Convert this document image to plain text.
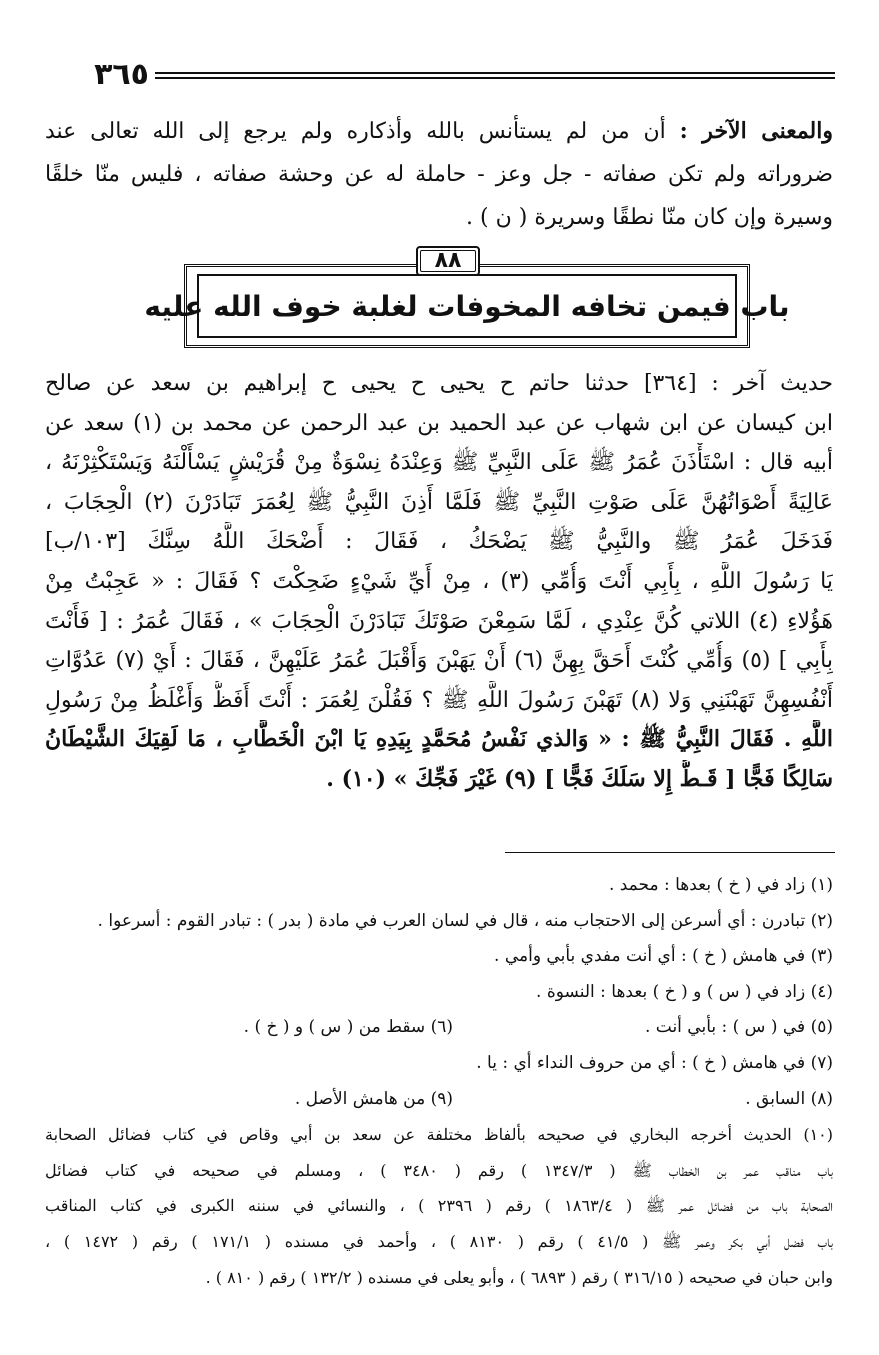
٣٦٥
والمعنى الآخر : أن من لم يستأنس بالله وأذكاره ولم يرجع إلى الله تعالى عند
ضروراته ولم تكن صفاته - جل وعز - حاملة له عن وحشة صفاته ، فليس منّا خلقًا
وسيرة وإن كان منّا نطقًا وسريرة ( ن ) .
باب فيمن تخافه المخوفات لغلبة خوف الله عليه
٨٨
حديث آخر : [٣٦٤] حدثنا حاتم ح يحيى ح يحيى ح إبراهيم بن سعد عن صالح
ابن كيسان عن ابن شهاب عن عبد الحميد بن عبد الرحمن عن محمد بن (١) سعد عن
أبيه قال : اسْتَأْذَنَ عُمَرُ ﷺ عَلَى النَّبِيِّ ﷺ وَعِنْدَهُ نِسْوَةٌ مِنْ قُرَيْشٍ يَسْأَلْنَهُ وَيَسْتَكْثِرْنَهُ ،
عَالِيَةً أَصْوَاتُهُنَّ عَلَى صَوْتِ النَّبِيِّ ﷺ فَلَمَّا أَذِنَ النَّبِيُّ ﷺ لِعُمَرَ تَبَادَرْنَ (٢) الْحِجَابَ ،
فَدَخَلَ عُمَرُ ﷺ والنَّبِيُّ ﷺ يَضْحَكُ ، فَقَالَ : أَضْحَكَ اللَّهُ سِنَّكَ [١٠٣/ب]
يَا رَسُولَ اللَّهِ ، بِأَبِي أَنْتَ وَأُمِّي (٣) ، مِنْ أَيِّ شَيْءٍ ضَحِكْتَ ؟ فَقَالَ : « عَجِبْتُ مِنْ
هَؤُلاءِ (٤) اللاتي كُنَّ عِنْدِي ، لَمَّا سَمِعْنَ صَوْتَكَ تَبَادَرْنَ الْحِجَابَ » ، فَقَالَ عُمَرُ : [ فَأَنْتَ
بِأَبِي ] (٥) وَأُمِّي كُنْتَ أَحَقَّ بِهِنَّ (٦) أَنْ يَهَبْنَ وَأَقْبَلَ عُمَرُ عَلَيْهِنَّ ، فَقَالَ : أَيْ (٧) عَدُوَّاتِ
أَنْفُسِهِنَّ تَهَبْنَنِي وَلا (٨) تَهَبْنَ رَسُولَ اللَّهِ ﷺ ؟ فَقُلْنَ لِعُمَرَ : أَنْتَ أَفَظُّ وَأَغْلَظُ مِنْ رَسُولِ
اللَّهِ . فَقَالَ النَّبِيُّ ﷺ : « وَالذي نَفْسُ مُحَمَّدٍ بِيَدِهِ يَا ابْنَ الْخَطَّابِ ، مَا لَقِيَكَ الشَّيْطَانُ
سَالِكًا فَجًّا [ قَـطُّ إِلا سَلَكَ فَجًّا ] (٩) غَيْرَ فَجِّكَ » (١٠) .
(١) زاد في ( خ ) بعدها : محمد .
(٢) تبادرن : أي أسرعن إلى الاحتجاب منه ، قال في لسان العرب في مادة ( بدر ) : تبادر القوم : أسرعوا .
(٣) في هامش ( خ ) : أي أنت مفدي بأبي وأمي .
(٤) زاد في ( س ) و ( خ ) بعدها : النسوة .
(٥) في ( س ) : بأبي أنت .
(٦) سقط من ( س ) و ( خ ) .
(٧) في هامش ( خ ) : أي من حروف النداء أي : يا .
(٨) السابق .
(٩) من هامش الأصل .
(١٠) الحديث أخرجه البخاري في صحيحه بألفاظ مختلفة عن سعد بن أبي وقاص في كتاب فضائل الصحابة
باب مناقب عمر بن الخطاب ﷺ ( ١٣٤٧/٣ ) رقم ( ٣٤٨٠ ) ، ومسلم في صحيحه في كتاب فضائل
الصحابة باب من فضائل عمر ﷺ ( ١٨٦٣/٤ ) رقم ( ٢٣٩٦ ) ، والنسائي في سننه الكبرى في كتاب المناقب
باب فضل أبي بكر وعمر ﷺ ( ٤١/٥ ) رقم ( ٨١٣٠ ) ، وأحمد في مسنده ( ١٧١/١ ) رقم ( ١٤٧٢ ) ،
وابن حبان في صحيحه ( ٣١٦/١٥ ) رقم ( ٦٨٩٣ ) ، وأبو يعلى في مسنده ( ١٣٢/٢ ) رقم ( ٨١٠ ) .
